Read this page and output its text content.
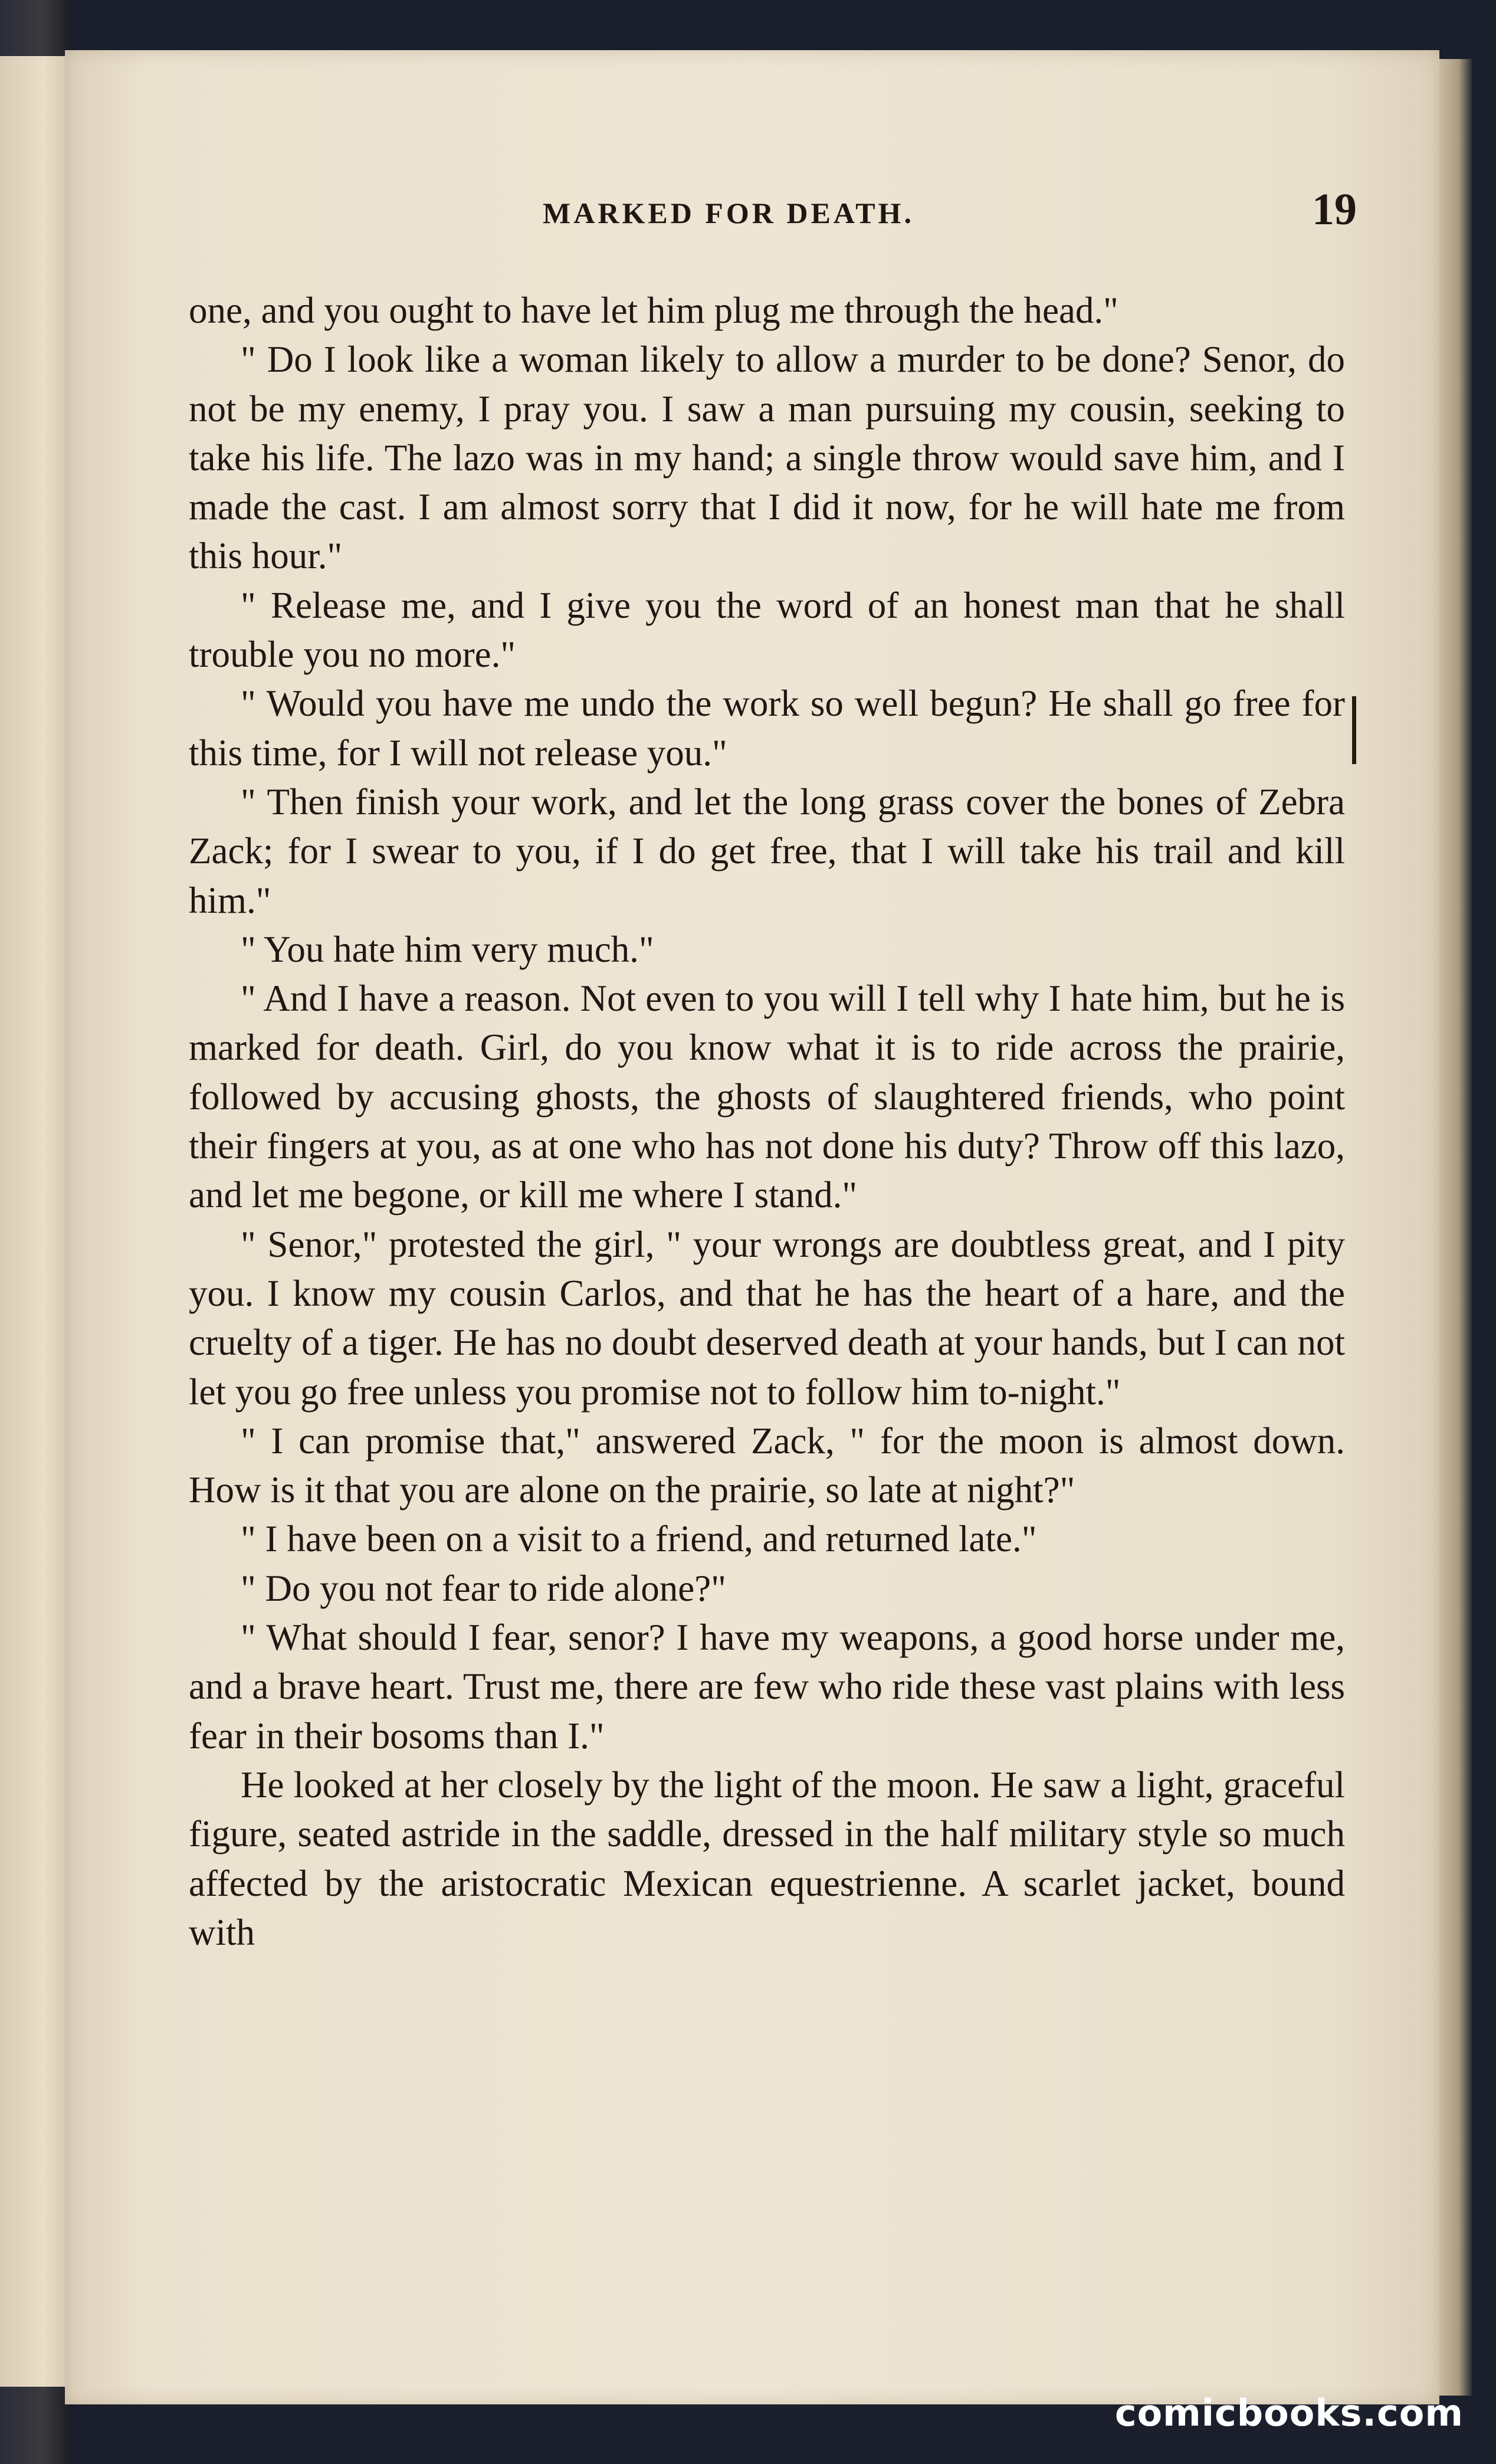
MARKED FOR DEATH.	19

one, and you ought to have let him plug me through the head."

" Do I look like a woman likely to allow a murder to be done? Senor, do not be my enemy, I pray you. I saw a man pursuing my cousin, seeking to take his life. The lazo was in my hand; a single throw would save him, and I made the cast. I am almost sorry that I did it now, for he will hate me from this hour."

" Release me, and I give you the word of an honest man that he shall trouble you no more."

" Would you have me undo the work so well begun? He shall go free for this time, for I will not release you."

" Then finish your work, and let the long grass cover the bones of Zebra Zack; for I swear to you, if I do get free, that I will take his trail and kill him."

" You hate him very much."

" And I have a reason. Not even to you will I tell why I hate him, but he is marked for death. Girl, do you know what it is to ride across the prairie, followed by accusing ghosts, the ghosts of slaughtered friends, who point their fingers at you, as at one who has not done his duty? Throw off this lazo, and let me begone, or kill me where I stand."

" Senor," protested the girl, " your wrongs are doubtless great, and I pity you. I know my cousin Carlos, and that he has the heart of a hare, and the cruelty of a tiger. He has no doubt deserved death at your hands, but I can not let you go free unless you promise not to follow him to-night."

" I can promise that," answered Zack, " for the moon is almost down. How is it that you are alone on the prairie, so late at night?"

" I have been on a visit to a friend, and returned late."

" Do you not fear to ride alone?"

" What should I fear, senor? I have my weapons, a good horse under me, and a brave heart. Trust me, there are few who ride these vast plains with less fear in their bosoms than I."

He looked at her closely by the light of the moon. He saw a light, graceful figure, seated astride in the saddle, dressed in the half military style so much affected by the aristocratic Mexican equestrienne. A scarlet jacket, bound with

comicbooks.com
